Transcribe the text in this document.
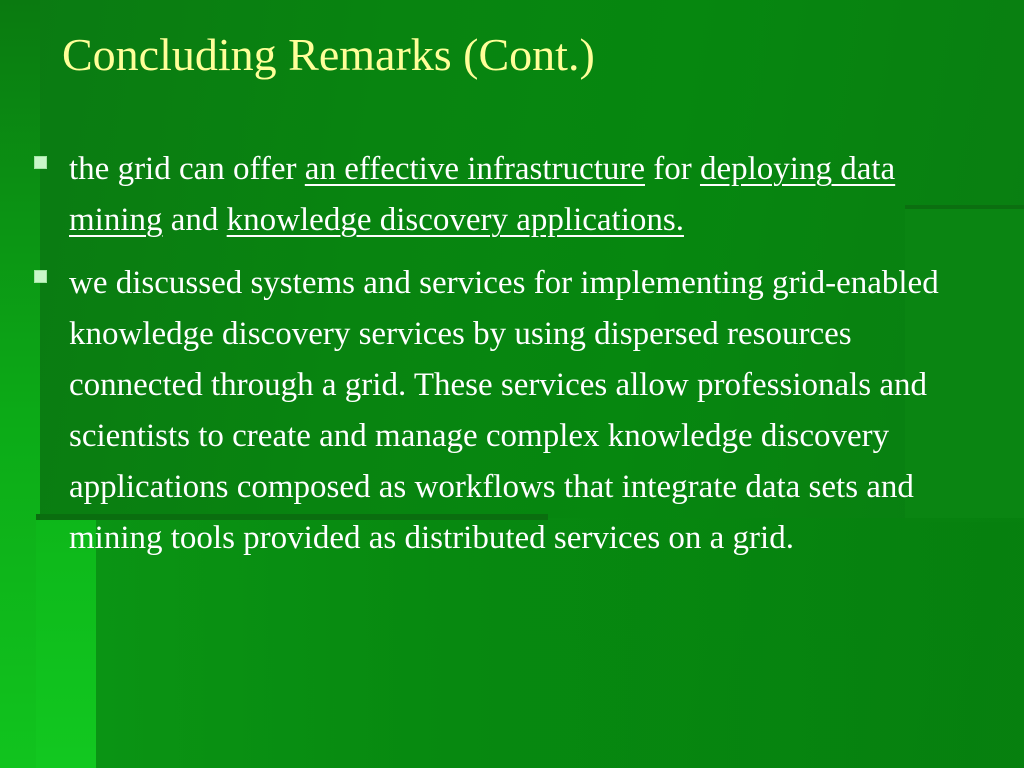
Concluding Remarks (Cont.)
the grid can offer an effective infrastructure for deploying data mining and knowledge discovery applications.
we discussed systems and services for implementing grid-enabled knowledge discovery services by using dispersed resources connected through a grid. These services allow professionals and scientists to create and manage complex knowledge discovery applications composed as workflows that integrate data sets and mining tools provided as distributed services on a grid.
